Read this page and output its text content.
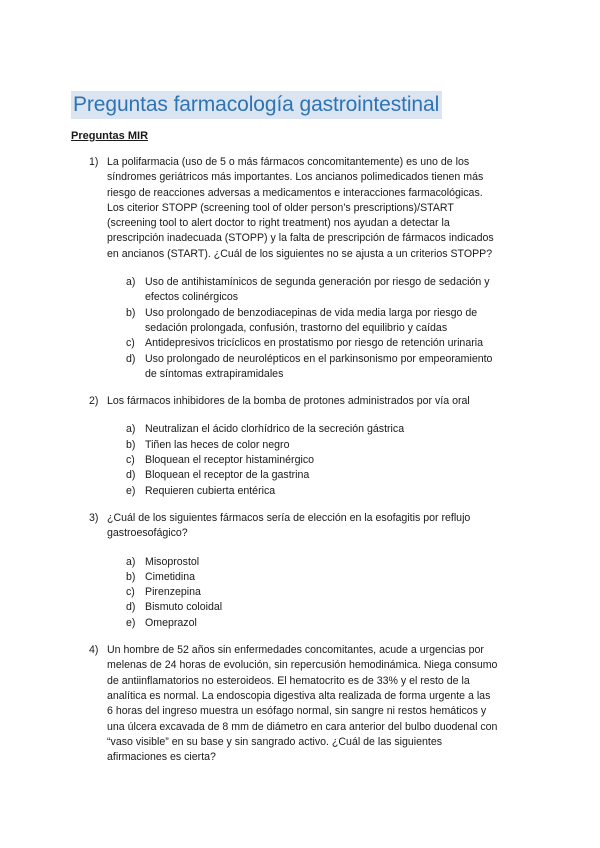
Preguntas farmacología gastrointestinal
Preguntas MIR
1) La polifarmacia (uso de 5 o más fármacos concomitantemente) es uno de los síndromes geriátricos más importantes. Los ancianos polimedicados tienen más riesgo de reacciones adversas a medicamentos e interacciones farmacológicas. Los citerior STOPP (screening tool of older person's prescriptions)/START (screening tool to alert doctor to right treatment) nos ayudan a detectar la prescripción inadecuada (STOPP) y la falta de prescripción de fármacos indicados en ancianos (START). ¿Cuál de los siguientes no se ajusta a un criterios STOPP?
a) Uso de antihistamínicos de segunda generación por riesgo de sedación y efectos colinérgicos
b) Uso prolongado de benzodiacepinas de vida media larga por riesgo de sedación prolongada, confusión, trastorno del equilibrio y caídas
c) Antidepresivos tricíclicos en prostatismo por riesgo de retención urinaria
d) Uso prolongado de neurolépticos en el parkinsonismo por empeoramiento de síntomas extrapiramidales
2) Los fármacos inhibidores de la bomba de protones administrados por vía oral
a) Neutralizan el ácido clorhídrico de la secreción gástrica
b) Tiñen las heces de color negro
c) Bloquean el receptor histaminérgico
d) Bloquean el receptor de la gastrina
e) Requieren cubierta entérica
3) ¿Cuál de los siguientes fármacos sería de elección en la esofagitis por reflujo gastroesofágico?
a) Misoprostol
b) Cimetidina
c) Pirenzepina
d) Bismuto coloidal
e) Omeprazol
4) Un hombre de 52 años sin enfermedades concomitantes, acude a urgencias por melenas de 24 horas de evolución, sin repercusión hemodinámica. Niega consumo de antiinflamatorios no esteroideos. El hematocrito es de 33% y el resto de la analítica es normal. La endoscopia digestiva alta realizada de forma urgente a las 6 horas del ingreso muestra un esófago normal, sin sangre ni restos hemáticos y una úlcera excavada de 8 mm de diámetro en cara anterior del bulbo duodenal con “vaso visible” en su base y sin sangrado activo. ¿Cuál de las siguientes afirmaciones es cierta?
